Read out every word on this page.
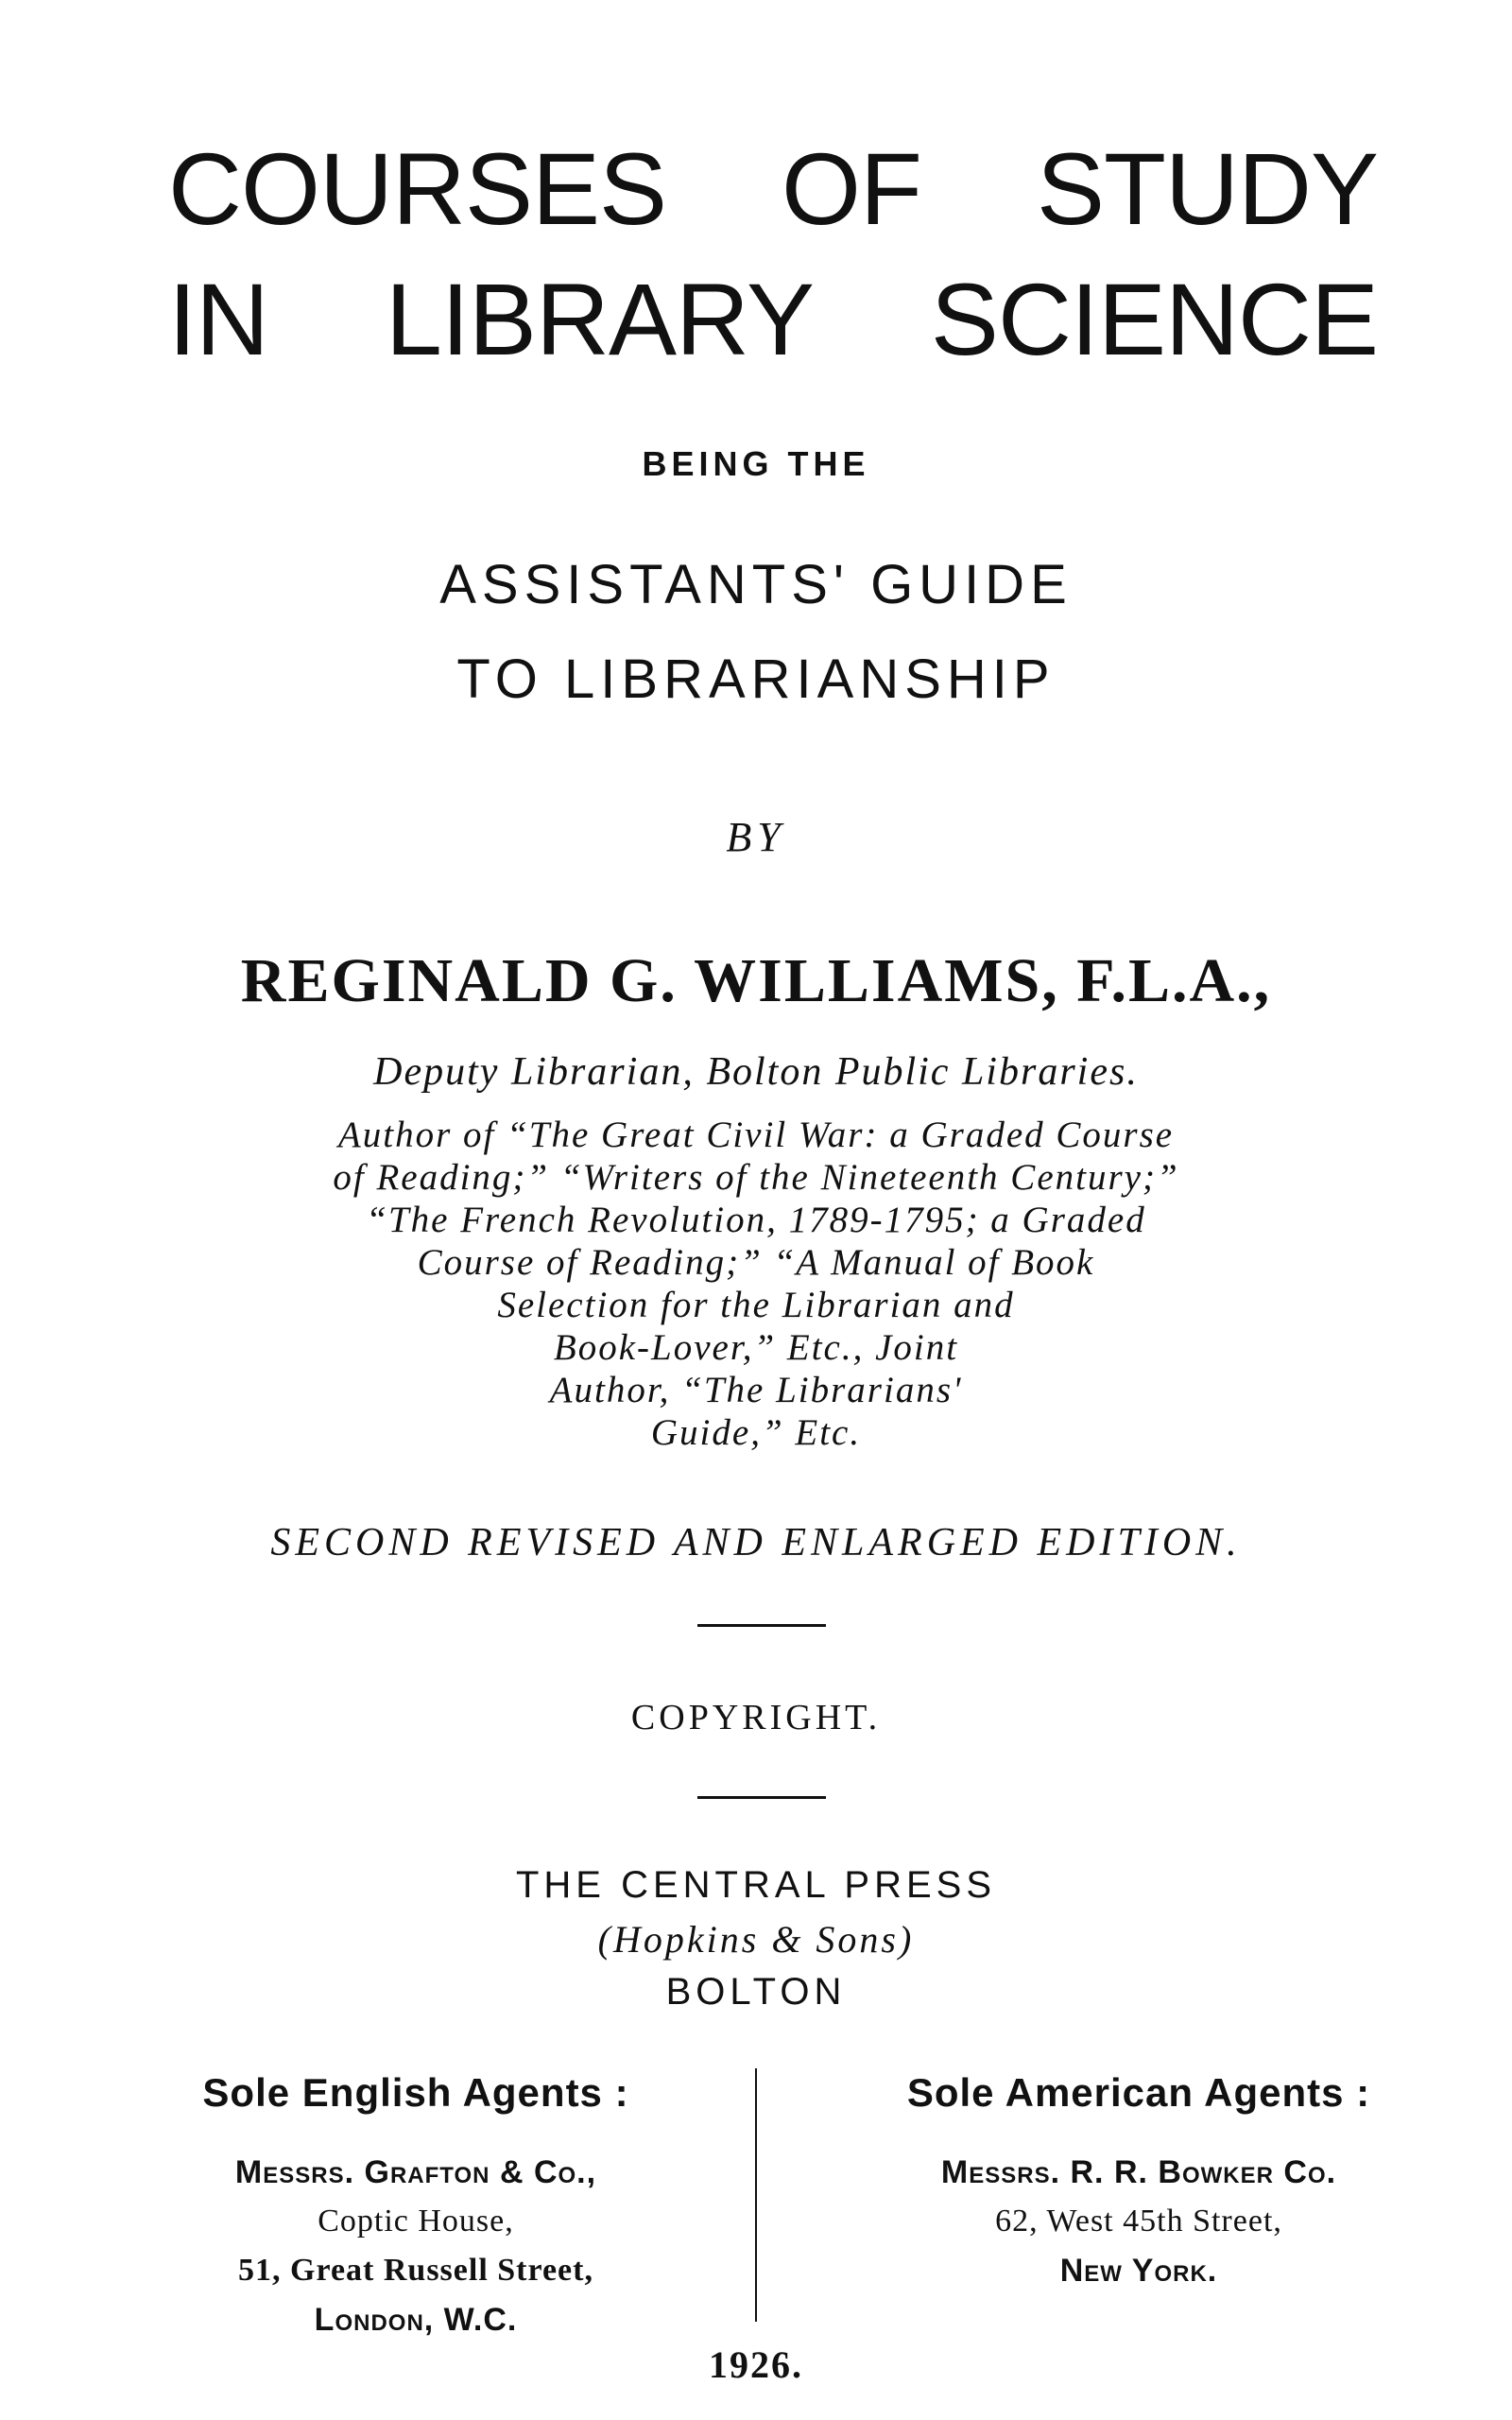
COURSES OF STUDY
IN LIBRARY SCIENCE
BEING THE
ASSISTANTS' GUIDE
TO LIBRARIANSHIP
BY
REGINALD G. WILLIAMS, F.L.A.,
Deputy Librarian, Bolton Public Libraries.
Author of “The Great Civil War: a Graded Course
of Reading;” “Writers of the Nineteenth Century;”
“The French Revolution, 1789-1795; a Graded
Course of Reading;” “A Manual of Book
Selection for the Librarian and
Book-Lover,” Etc., Joint
Author, “The Librarians'
Guide,” Etc.
SECOND REVISED AND ENLARGED EDITION.
COPYRIGHT.
THE CENTRAL PRESS
(Hopkins & Sons)
BOLTON
Sole English Agents :
Messrs. Grafton & Co.,
Coptic House,
51, Great Russell Street,
London, W.C.
Sole American Agents :
Messrs. R. R. Bowker Co.
62, West 45th Street,
New York.
1926.
